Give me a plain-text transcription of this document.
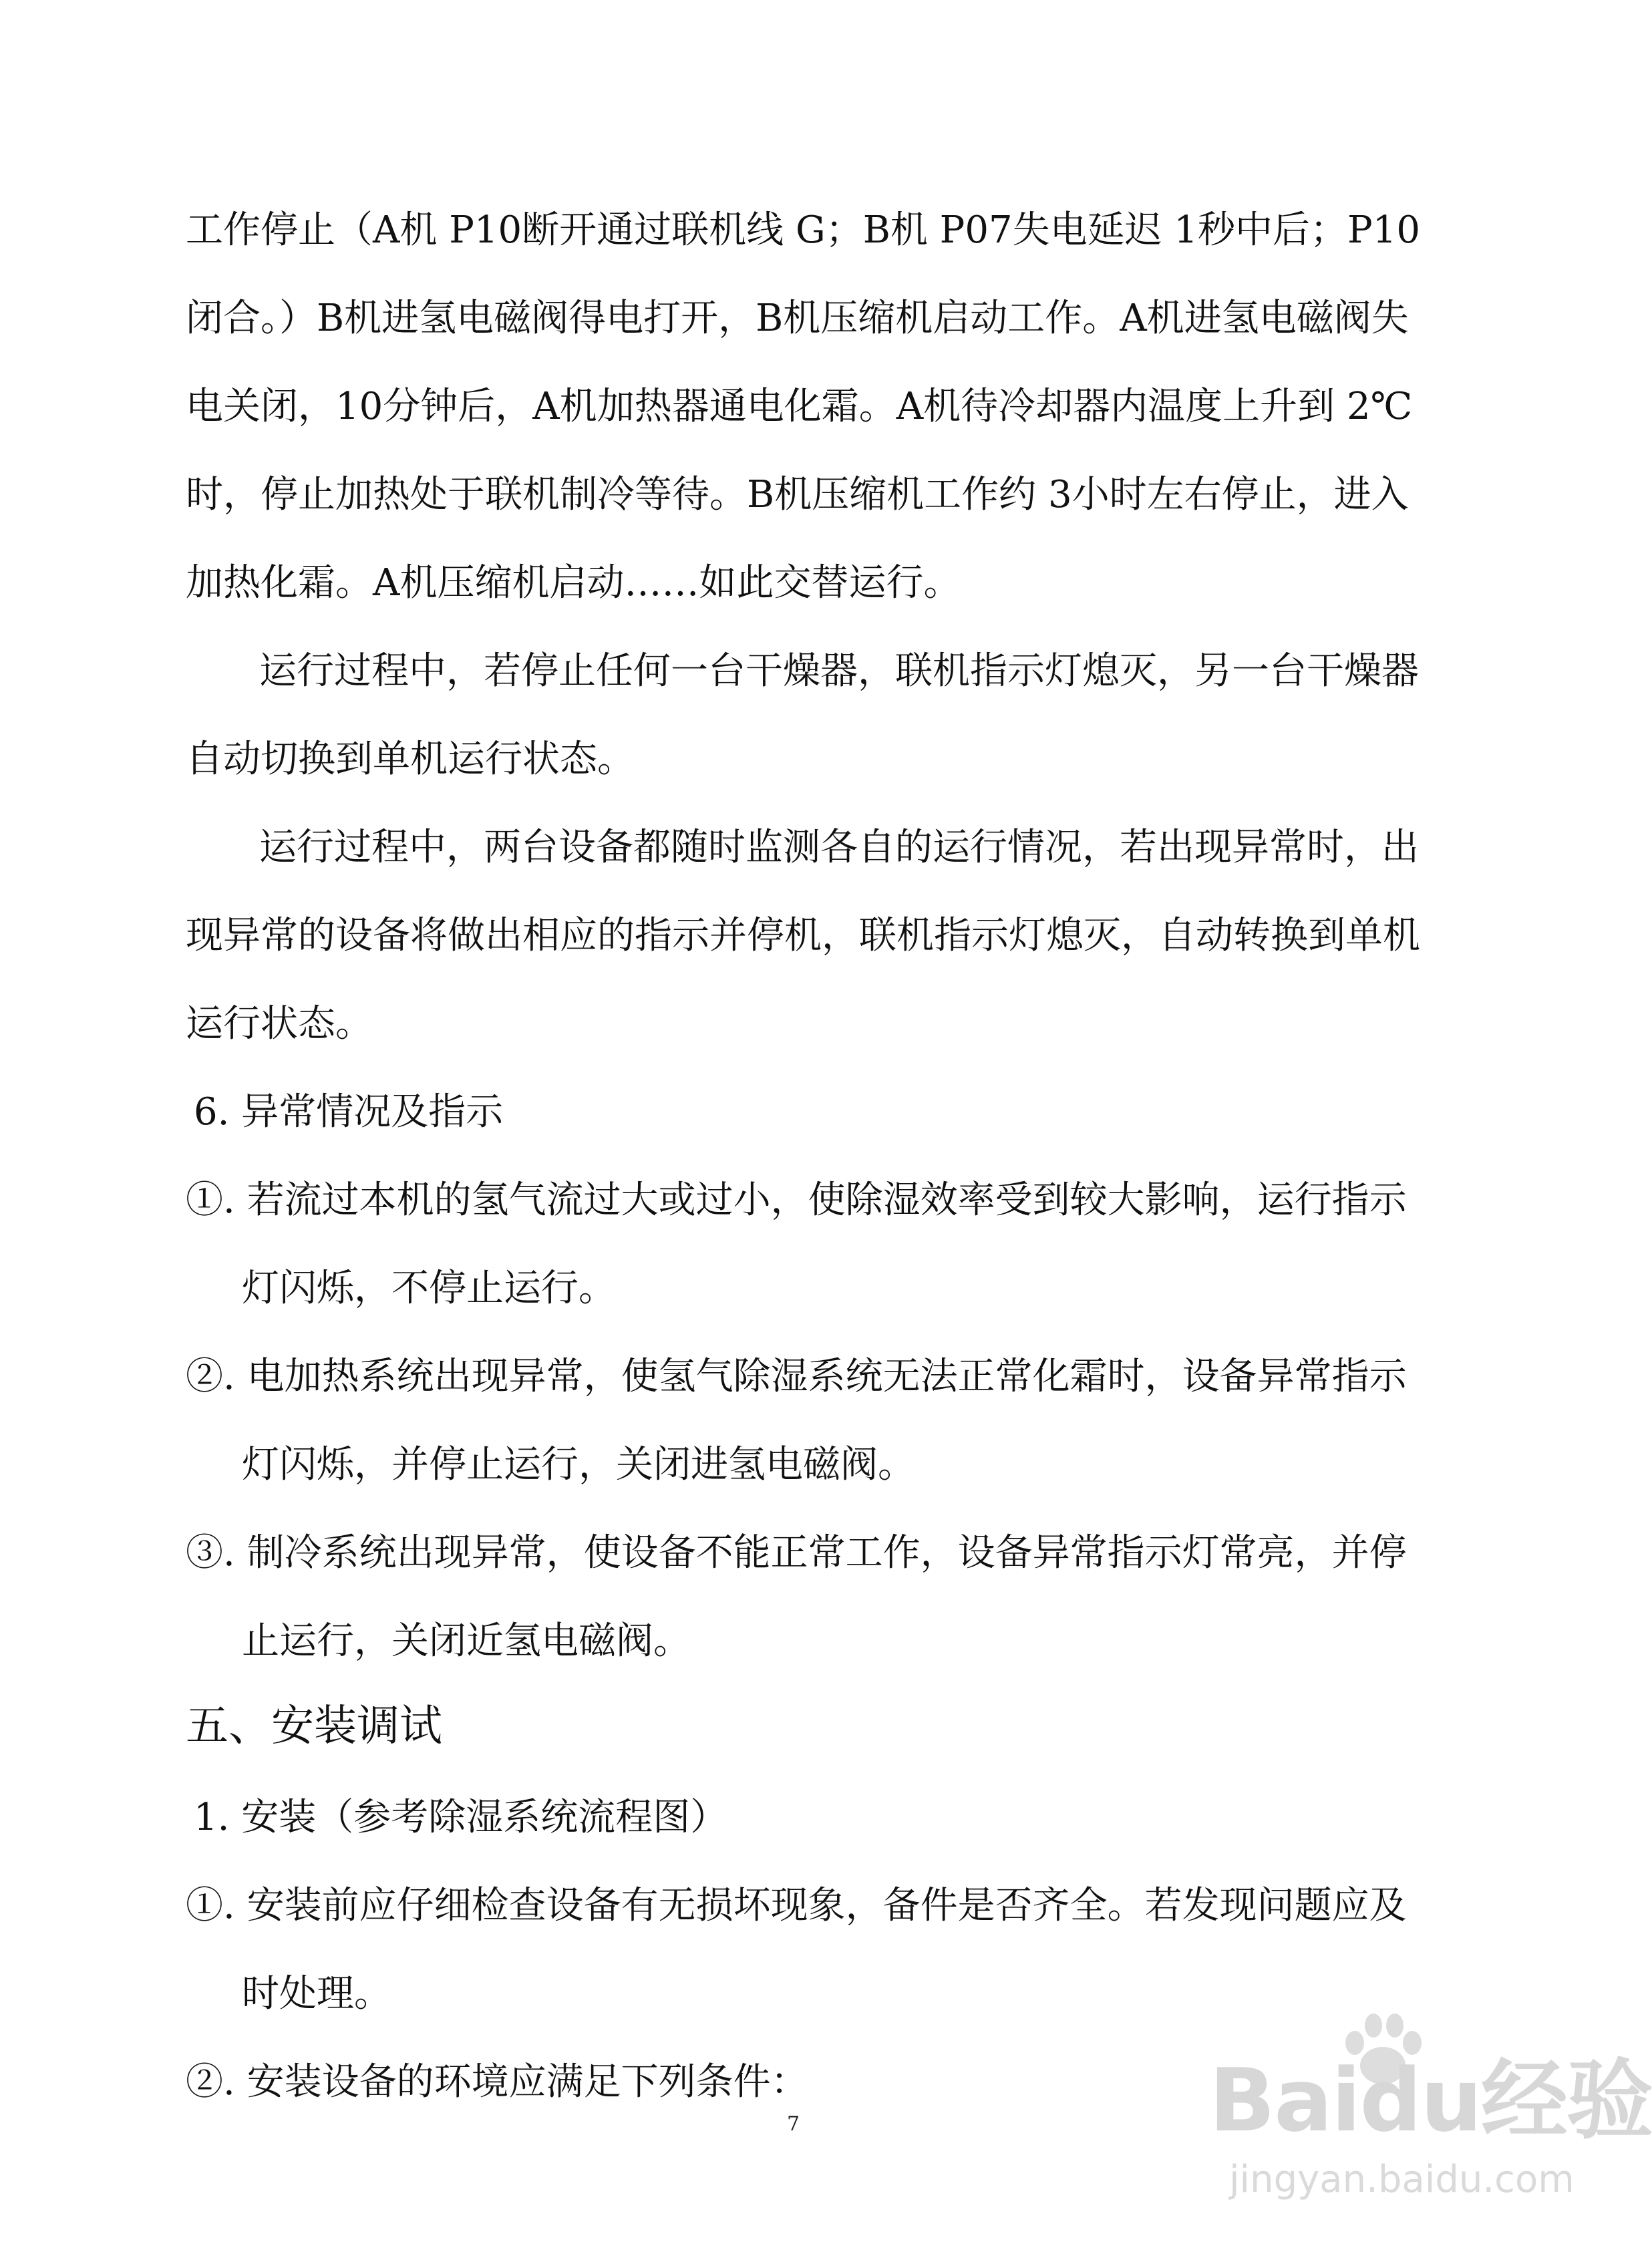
工作停止（A机 P10断开通过联机线 G；B机 P07失电延迟 1秒中后；P10
闭合。）B机进氢电磁阀得电打开，B机压缩机启动工作。A机进氢电磁阀失
电关闭，10分钟后，A机加热器通电化霜。A机待冷却器内温度上升到 2℃
时，停止加热处于联机制冷等待。B机压缩机工作约 3小时左右停止，进入
加热化霜。A机压缩机启动……如此交替运行。
运行过程中，若停止任何一台干燥器，联机指示灯熄灭，另一台干燥器
自动切换到单机运行状态。
运行过程中，两台设备都随时监测各自的运行情况，若出现异常时，出
现异常的设备将做出相应的指示并停机，联机指示灯熄灭，自动转换到单机
运行状态。
6. 异常情况及指示
①. 若流过本机的氢气流过大或过小，使除湿效率受到较大影响，运行指示
灯闪烁，不停止运行。
②. 电加热系统出现异常，使氢气除湿系统无法正常化霜时，设备异常指示
灯闪烁，并停止运行，关闭进氢电磁阀。
③. 制冷系统出现异常，使设备不能正常工作，设备异常指示灯常亮，并停
止运行，关闭近氢电磁阀。
五、安装调试
1. 安装（参考除湿系统流程图）
①. 安装前应仔细检查设备有无损坏现象，备件是否齐全。若发现问题应及
时处理。
②. 安装设备的环境应满足下列条件：
7	Baidu经验
jingyan.baidu.com
